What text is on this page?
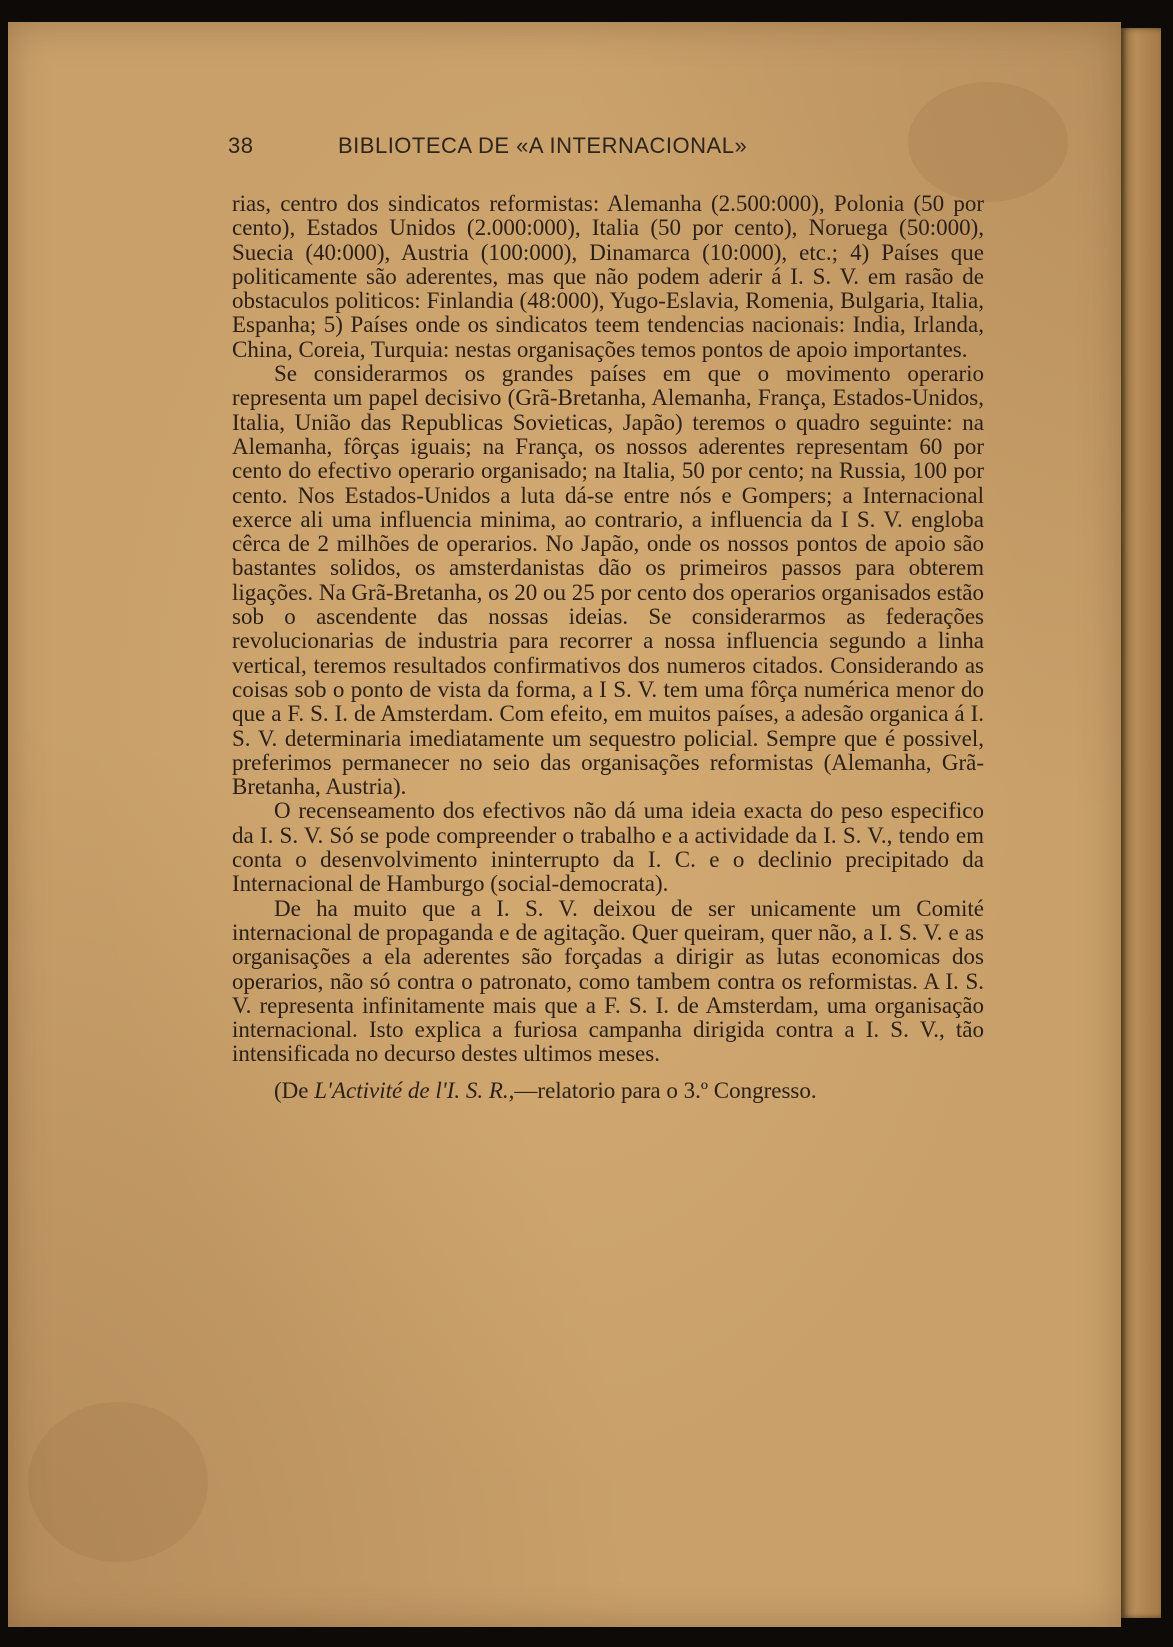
38	BIBLIOTECA DE «A INTERNACIONAL»

rias, centro dos sindicatos reformistas: Alemanha (2.500:000), Polonia (50 por cento), Estados Unidos (2.000:000), Italia (50 por cento), Noruega (50:000), Suecia (40:000), Austria (100:000), Dinamarca (10:000), etc.; 4) Países que politicamente são aderentes, mas que não podem aderir á I. S. V. em rasão de obstaculos politicos: Finlandia (48:000), Yugo-Eslavia, Romenia, Bulgaria, Italia, Espanha; 5) Países onde os sindicatos teem tendencias nacionais: India, Irlanda, China, Coreia, Turquia: nestas organisações temos pontos de apoio importantes.

Se considerarmos os grandes países em que o movimento operario representa um papel decisivo (Grã-Bretanha, Alemanha, França, Estados-Unidos, Italia, União das Republicas Sovieticas, Japão) teremos o quadro seguinte: na Alemanha, fôrças iguais; na França, os nossos aderentes representam 60 por cento do efectivo operario organisado; na Italia, 50 por cento; na Russia, 100 por cento. Nos Estados-Unidos a luta dá-se entre nós e Gompers; a Internacional exerce ali uma influencia minima, ao contrario, a influencia da I S. V. engloba cêrca de 2 milhões de operarios. No Japão, onde os nossos pontos de apoio são bastantes solidos, os amsterdanistas dão os primeiros passos para obterem ligações. Na Grã-Bretanha, os 20 ou 25 por cento dos operarios organisados estão sob o ascendente das nossas ideias. Se considerarmos as federações revolucionarias de industria para recorrer a nossa influencia segundo a linha vertical, teremos resultados confirmativos dos numeros citados. Considerando as coisas sob o ponto de vista da forma, a I S. V. tem uma fôrça numérica menor do que a F. S. I. de Amsterdam. Com efeito, em muitos países, a adesão organica á I. S. V. determinaria imediatamente um sequestro policial. Sempre que é possivel, preferimos permanecer no seio das organisações reformistas (Alemanha, Grã-Bretanha, Austria).

O recenseamento dos efectivos não dá uma ideia exacta do peso especifico da I. S. V. Só se pode compreender o trabalho e a actividade da I. S. V., tendo em conta o desenvolvimento ininterrupto da I. C. e o declinio precipitado da Internacional de Hamburgo (social-democrata).

De ha muito que a I. S. V. deixou de ser unicamente um Comité internacional de propaganda e de agitação. Quer queiram, quer não, a I. S. V. e as organisações a ela aderentes são forçadas a dirigir as lutas economicas dos operarios, não só contra o patronato, como tambem contra os reformistas. A I. S. V. representa infinitamente mais que a F. S. I. de Amsterdam, uma organisação internacional. Isto explica a furiosa campanha dirigida contra a I. S. V., tão intensificada no decurso destes ultimos meses.

(De L'Activité de l'I. S. R.,—relatorio para o 3.º Congresso.
